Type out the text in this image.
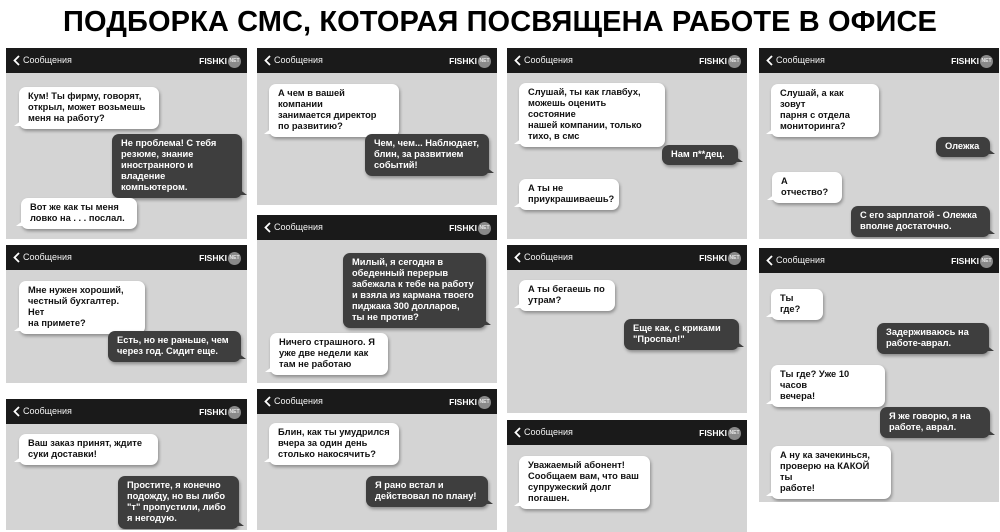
ПОДБОРКА СМС, КОТОРАЯ ПОСВЯЩЕНА РАБОТЕ В ОФИСЕ
Сообщения	FISHKI NET
Кум! Ты фирму, говорят,
открыл, может возьмешь
меня на работу?
Не проблема! С тебя
резюме, знание
иностранного и
владение компьютером.
Вот же как ты меня
ловко на . . . послал.
Сообщения	FISHKI NET
Мне нужен хороший,
честный бухгалтер. Нет
на примете?
Есть, но не раньше, чем
через год. Сидит еще.
Сообщения	FISHKI NET
Ваш заказ принят, ждите
суки доставки!
Простите, я конечно
подожду, но вы либо
"т" пропустили, либо
я негодую.
Сообщения	FISHKI NET
А чем в вашей компании
занимается директор
по развитию?
Чем, чем... Наблюдает,
блин, за развитием
событий!
Сообщения	FISHKI NET
Милый, я сегодня в
обеденный перерыв
забежала к тебе на работу
и взяла из кармана твоего
пиджака 300 долларов,
ты не против?
Ничего страшного. Я
уже две недели как
там не работаю
Сообщения	FISHKI NET
Блин, как ты умудрился
вчера за один день
столько накосячить?
Я рано встал и
действовал по плану!
Сообщения	FISHKI NET
Слушай, ты как главбух,
можешь оценить состояние
нашей компании, только
тихо, в смс
Нам п**дец.
А ты не
приукрашиваешь?
Сообщения	FISHKI NET
А ты бегаешь по
утрам?
Еще как, с криками
"Проспал!"
Сообщения	FISHKI NET
Уважаемый абонент!
Сообщаем вам, что ваш
супружеский долг
погашен.
Сообщения	FISHKI NET
Слушай, а как зовут
парня с отдела
мониторинга?
Олежка
А отчество?
С его зарплатой - Олежка
вполне достаточно.
Сообщения	FISHKI NET
Ты где?
Задерживаюсь на
работе-аврал.
Ты где? Уже 10 часов
вечера!
Я же говорю, я на
работе, аврал.
А ну ка зачекинься,
проверю на КАКОЙ ты
работе!
